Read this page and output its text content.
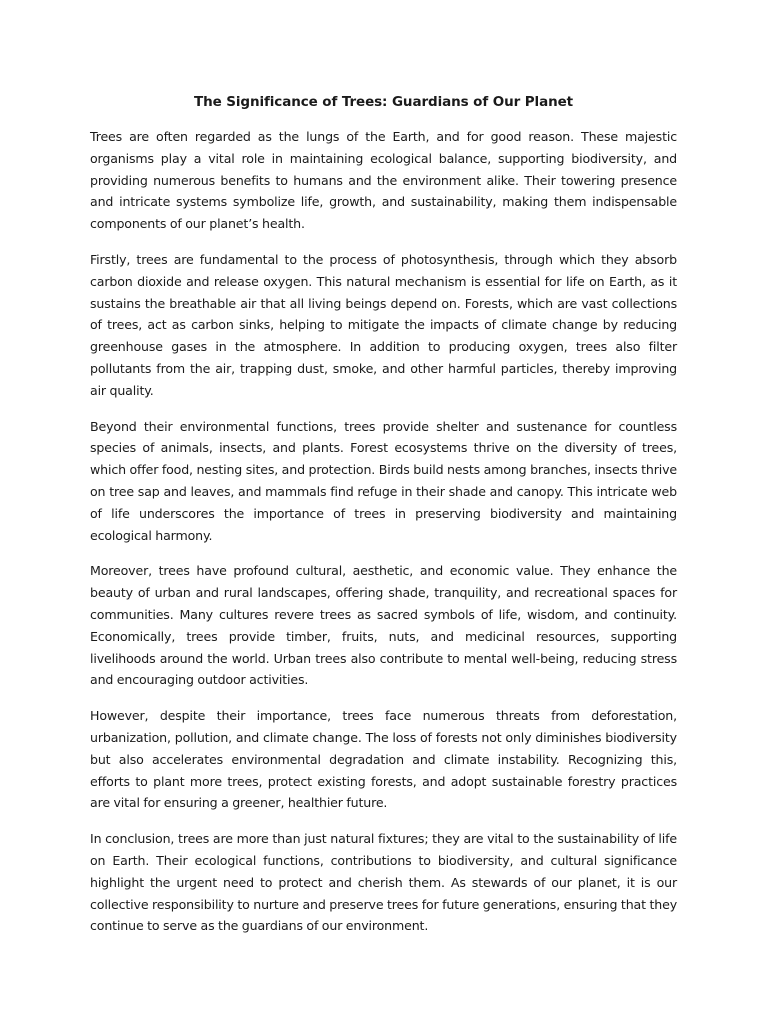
The Significance of Trees: Guardians of Our Planet

Trees are often regarded as the lungs of the Earth, and for good reason. These majestic organisms play a vital role in maintaining ecological balance, supporting biodiversity, and providing numerous benefits to humans and the environment alike. Their towering presence and intricate systems symbolize life, growth, and sustainability, making them indispensable components of our planet’s health.

Firstly, trees are fundamental to the process of photosynthesis, through which they absorb carbon dioxide and release oxygen. This natural mechanism is essential for life on Earth, as it sustains the breathable air that all living beings depend on. Forests, which are vast collections of trees, act as carbon sinks, helping to mitigate the impacts of climate change by reducing greenhouse gases in the atmosphere. In addition to producing oxygen, trees also filter pollutants from the air, trapping dust, smoke, and other harmful particles, thereby improving air quality.

Beyond their environmental functions, trees provide shelter and sustenance for countless species of animals, insects, and plants. Forest ecosystems thrive on the diversity of trees, which offer food, nesting sites, and protection. Birds build nests among branches, insects thrive on tree sap and leaves, and mammals find refuge in their shade and canopy. This intricate web of life underscores the importance of trees in preserving biodiversity and maintaining ecological harmony.

Moreover, trees have profound cultural, aesthetic, and economic value. They enhance the beauty of urban and rural landscapes, offering shade, tranquility, and recreational spaces for communities. Many cultures revere trees as sacred symbols of life, wisdom, and continuity. Economically, trees provide timber, fruits, nuts, and medicinal resources, supporting livelihoods around the world. Urban trees also contribute to mental well-being, reducing stress and encouraging outdoor activities.

However, despite their importance, trees face numerous threats from deforestation, urbanization, pollution, and climate change. The loss of forests not only diminishes biodiversity but also accelerates environmental degradation and climate instability. Recognizing this, efforts to plant more trees, protect existing forests, and adopt sustainable forestry practices are vital for ensuring a greener, healthier future.

In conclusion, trees are more than just natural fixtures; they are vital to the sustainability of life on Earth. Their ecological functions, contributions to biodiversity, and cultural significance highlight the urgent need to protect and cherish them. As stewards of our planet, it is our collective responsibility to nurture and preserve trees for future generations, ensuring that they continue to serve as the guardians of our environment.
